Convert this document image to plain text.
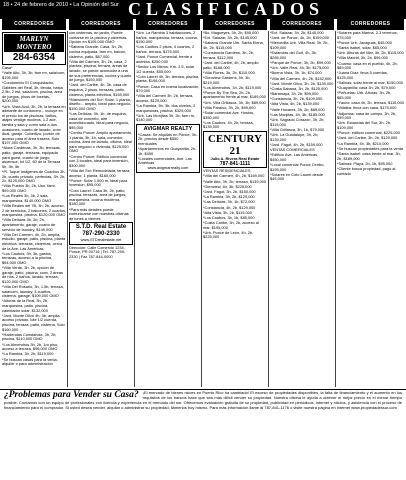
18 • 24 de febrero de 2010 • La Opinión del Sur CLASIFICADOS
CORREDORES	CORREDORES	CORREDORES	CORREDORES	CORREDORES	CORREDORES
MARLYN MONTERO
284-6354

Casa*

*Valle Alto, 3h, 3b, fam rm, sala/com, $195,000

*Condominio El Conquistador, Gabbies del Real, 3h, tienda, hasta 2.5b, 2 est, sala/com, piscina, área de juegos, pisos de losetas, $200,000

*Urb. Vista Azul, 3h, 2b, la terraza en adelante de cordonero... incluye en el precio los de piscinas, baños, atajes vestige modeos, 1.2 ace, familia y sala y como sala a dos ocasiones, cuarto de lavado, conv dual, garaje. Cobertizo, portón de acceso para el área trasera, Solo $197,000 OMO

*Alora Cardenas, 3h, 3b, terrazas, patio, garaje, terrazas, equipada para guest, cuarto de juego, ascensor, lot 1/2, 60 de la Terraza 5h, 3b, 5b

*Pl. Toque Imágenes de Cuadros 3h-2b, cuarto privado, perfectas, 3h, 2b, 2c, $125,000 OMO

*Villa Pueblo 3h, 2b, Uso, fami, $99,000 OMO

*Los Reales 3h, 3b, 2 sala, marquesina, $140,000 OMO

*Villa Reales del 7B, 3h, 2b, acceso, 2 de servicios, 2 balcones, 2 cuartos, marquesina, piscina, $120,000 OMO

*Villa Delicias 3h, 2b, 2h, apartamento, garaje, cuarto de servicio de laundry, $149,000

*Villa Del Carmen, 4h, 2b, amplia, estudio, garaje, patio, piscina, planta eléctrica, terrazas, cisternas, cerca de la Ave. Las Américas

*Los Caobos, 3h, 3b, gastos, terrazas, acceso a la piscina, $94,000 OMO

*Villa Verde, 3h, 2b, opción de garaje, patio, piscina, conv, 2 áreas de hbs, 2 baños, lavado, terraza, $120,000 OMO

*Villa Del Rosario, 3h, 1.5b, terraza, sala/com, laundry, 4 cuartos, cisterna, garage, $109,000 OMO

*Alturas de la Real, 3h, 2b, marquesina, patio, piscina, calentador solar, $132,000

*Jard. Monte Olivo 4h, 3b, amplia, acceso privado, lote 1/2 cuerda, piscina, terraza, patio, cisterna, Solo $160,000

*Haciendas Constancia, 3h, 2b, piscina, $110,000 OMO

*Los Almendros 3h, 2b, 1ro piso, acceso a terraza, $96,000 OMO

*La Rambla, 3h, 2b, $119,000

*Se buscan casas para la venta, alquiler o para administración

con cisternas, en jardín, Puede contarse en la piscina y cisternas. Opción en $105,000 OMO

*Sabana Grande: Casa, 3h, 2b, cocina equipada, fam rm, balcón, cisterna, patio, $87,000

*Villa del Carmen, 3h, 2b, casa, 2 plantas, piscina, terraza, áreas de lavado, se puede acomodar a una de sus preferencias, cocina y cuarto de juego, $150,000

*Jard. del Caribe, 4h, 3b, casa de esquina, 2 pisos, terrazas, patio, cisterna, planta eléctrica, $169,000

*Mansiones del Sur: Solar, 1 planta, diseño... amplio, ideal para negocio, $150,000 OMO

*Las Delicias: 3h, 1b, de esquina, casa de concreto, aire acondicionado, ideal para negocio, $95,000

*Centro Ponce: Amplio apartamento, 1 planta, 3h, 1b, sala, comedor, cocina, área de lavado, oficina, ideal para negocio o vivienda, $125,000 OMO

*Centro Ponce: Edificio comercial con 3 locales, ideal para inversión, $300,000

*Villa del Sol: Remodelada, terraza, acceso, 1 planta, $160,000

*Ponce: Solar 1,500 m, ideal para inversión, $95,000

*Coto Laurel: Casa 3h, 2b, patio, piscina, terrazas, área de juegos, marquesina, cocina moderna, $180,000

*Para más detalles puede comunicarse con nuestras oficinas de lunes a viernes

S.T.D. Real Estate
787-290-2330
www.STDrealestate.net

Dirección: Calle Comercio 1234, Ponce, PR 00716 | Tel. 787-290-2330 | Fax 787-844-0000

*Urb. La Rambla 3 habitaciones, 2 baños, marquesina, terraza, cocina, $150,000

*Los Caobos 2 pisos, 4 cuartos, 2 baños, terraza, $175,000

*Jard. Ponce Comercial, frente a avenida, $250,000

*Sector Los Meros, Km. 2.5, solar 1/2 cuerda, $55,000

*Coto Laurel 4h, 3b, terraza, piscina, planta, $198,000

*Ponce: Casa en buena localización, $79,000

*Villa del Carmen 3h, 2b, terraza, acceso, $129,000

*La Rambla, 5h, 3b, dos niveles, 2 marquesinas, piscina, $325,000

*Urb. Las Monjitas 3h, 2b, fam rm, $140,000

AVIGMAR REALTY

*Casas: Se alquilan en Ponce, 3h-2b, precios desde $550 mensuales

*Apartamentos en Guayanilla, 2h-1b, $450

*Locales comerciales, Ave. Las Américas

www.avigmarrealty.com

*Bo. Magueyes, 3h, 2b, $95,000

*Ext. Salazar, 3h, 2b, $145,000

*Sabana Grande Urb. Santa Elena, 4h, 2b, $115,000

*Constancia Gardens, 3h, 2b, terraza, $112,000

*Jard. del Caribe, 4h, 2b, amplio patio, $168,000

*Villa Flores, 3h, 2b, $110,000

*Glenview Gardens, 5h, 3b, $219,000

*Los Almendros, 3h, 2b, $119,000

*Ponce By The Sea, 2h, 2b, apartamento frente al mar, $189,000

*Urb. Villa Grillasca, 3h, 1b, $89,000

*Villa Paraíso, 3h, 2b, $99,000

*Solar comercial Ave. Hostos, $350,000

*Los Caobos, 4h, 2b, terraza, $139,000

CENTURY 21
Julio A. Rivera Real Estate
787-841-1111

VENTAS RESIDENCIALES

*Villa del Carmen, 4h, 2b, $169,000

*Valle Alto, 3h, 2b, terraza, $139,000

*Glenview, 4h, 3b, $225,000

*Jard. Fagot, 3h, 2b, $150,000

*La Rambla, 3h, 2b, $129,000

*Las Delicias, 3h, 1b, $72,000

*Constancia, 4h, 2b, $129,000

*Alta Vista, 3h, 2b, $119,000

*Los Caobos, 3h, 1b, $85,000

*Costa Caribe, 3h, 2b, acceso al mar, $195,000

*Urb. Ponce de León, 4h, 2b, $225,000

*Ext. Salazar, 3h, 2b, $145,000

*Jard. de Ponce, 4h, 2b, $159,000

*Mercedita Urb. Villa Real, 3h, 2b, $109,000

*Estancias del Golf, 4h, 3b, $265,000

*Parque de Ponce, 3h, 2b, $99,000

*Urb. Valle Real, 4h, 3b, $175,000

*Buena Vista, 3h, 1b, $74,000

*Villa del Carmen, 4h, 2b, $152,000

*Jard. Monte Olivo, 3h, 2b, $139,000

*Costa Sabana, 3h, 2b, $125,000

*Baramaya, 3h, 2b, $95,000

*Constancia, 3h, 2b, $109,000

*Alta Vista, 4h, 2b, $139,000

*Valle Hucares, 3h, 2b, $89,000

*Las Monjitas, 4h, 3b, $185,000

*Urb. Sagrado Corazón, 3h, 2b, $119,000

*Villa Grillasca, 3h, 1b, $79,000

*Urb. La Guadalupe, 3h, 2b, $139,000

*Jard. Fagot, 4h, 2b, $159,000

VENTAS COMERCIALES

*Edificio Ave. Las Américas, $450,000

*Local comercial Ponce Centro, $195,000

*Solares en Coto Laurel desde $45,000

*Solares para Marina, 2-3 terrenos, $75,000

*Ponce Urb. Jacaguas, $45,000

*Santa Isabel, solar, $65,000

*Urb. Alturas del Mar, 3h, 2b, $115,000

*Villa Madrid, 3h, 2b, $99,000

*Coamo: casa en el pueblo, 4h, 2b, $89,000

*Juana Díaz: finca 5 cuerdas, $125,000

*Salinas: solar frente al mar, $150,000

*Guayanilla: casa 3h, 2b, $79,000

*Peñuelas: Urb. Alturas, 3h, 2b, $85,000

*Yauco: casa 4h, 2b, terraza, $115,000

*Villalba: finca con casa, $175,000

*Adjuntas: casa de campo, 3h, 2b, $99,000

*Urb. Estancias del Sur, 3h, 2b, $109,000

*Ponce: edificio comercial, $225,000

*Jard. del Caribe, 3h, 2b, $129,000

*La Rambla, 4h, 3b, $210,000

*Se buscan propiedades para la venta

*Santa Isabel: casa frente al mar, 3h, 2b, $189,000

*Salinas: Playa, 2h, 1b, $95,000

*Cliente busca propiedad, pago al contado

¿Problemas para Vender su Casa?	¡El mercado de bienes raíces en Puerto Rico ha cambiado! El exceso de propiedades disponibles, la falta de financiamiento y el aumento en los requisitos de los bancos hace que sea más difícil vender su propiedad. Nuestra oficina le ayuda a obtener el mejor precio en el menor tiempo posible. Contamos con un equipo de profesionales con licencia y experiencia en el mercado del sur. Ofrecemos evaluación gratuita de su propiedad, publicidad en periódicos, internet y rótulos, y asistencia con el proceso de financiamiento para el comprador. Si usted desea vender, alquilar o administrar su propiedad, llámenos hoy mismo. Para más información llame al 787-841-1176 o visite nuestra página en internet www.propiedadessur.com
